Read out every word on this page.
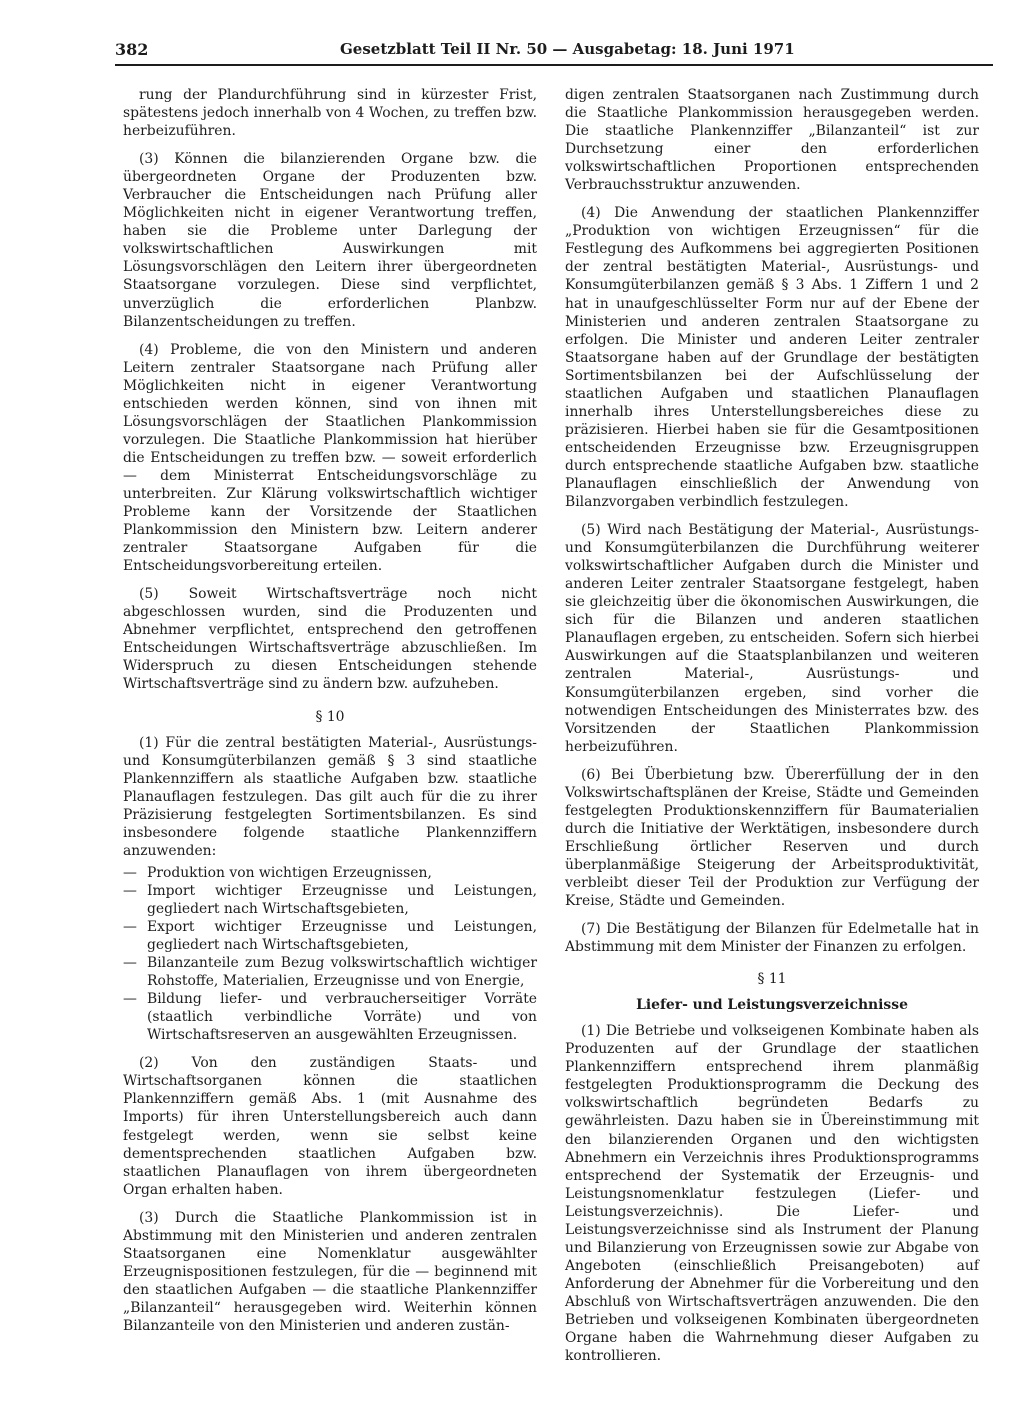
382	Gesetzblatt Teil II Nr. 50 — Ausgabetag: 18. Juni 1971

rung der Plandurchführung sind in kürzester Frist, spätestens jedoch innerhalb von 4 Wochen, zu treffen bzw. herbeizuführen.

(3) Können die bilanzierenden Organe bzw. die übergeordneten Organe der Produzenten bzw. Verbraucher die Entscheidungen nach Prüfung aller Möglichkeiten nicht in eigener Verantwortung treffen, haben sie die Probleme unter Darlegung der volkswirtschaftlichen Auswirkungen mit Lösungsvorschlägen den Leitern ihrer übergeordneten Staatsorgane vorzulegen. Diese sind verpflichtet, unverzüglich die erforderlichen Planbzw. Bilanzentscheidungen zu treffen.

(4) Probleme, die von den Ministern und anderen Leitern zentraler Staatsorgane nach Prüfung aller Möglichkeiten nicht in eigener Verantwortung entschieden werden können, sind von ihnen mit Lösungsvorschlägen der Staatlichen Plankommission vorzulegen. Die Staatliche Plankommission hat hierüber die Entscheidungen zu treffen bzw. — soweit erforderlich — dem Ministerrat Entscheidungsvorschläge zu unterbreiten. Zur Klärung volkswirtschaftlich wichtiger Probleme kann der Vorsitzende der Staatlichen Plankommission den Ministern bzw. Leitern anderer zentraler Staatsorgane Aufgaben für die Entscheidungsvorbereitung erteilen.

(5) Soweit Wirtschaftsverträge noch nicht abgeschlossen wurden, sind die Produzenten und Abnehmer verpflichtet, entsprechend den getroffenen Entscheidungen Wirtschaftsverträge abzuschließen. Im Widerspruch zu diesen Entscheidungen stehende Wirtschaftsverträge sind zu ändern bzw. aufzuheben.

§ 10

(1) Für die zentral bestätigten Material-, Ausrüstungs- und Konsumgüterbilanzen gemäß § 3 sind staatliche Plankennziffern als staatliche Aufgaben bzw. staatliche Planauflagen festzulegen. Das gilt auch für die zu ihrer Präzisierung festgelegten Sortimentsbilanzen. Es sind insbesondere folgende staatliche Plankennziffern anzuwenden:

— Produktion von wichtigen Erzeugnissen,
— Import wichtiger Erzeugnisse und Leistungen, gegliedert nach Wirtschaftsgebieten,
— Export wichtiger Erzeugnisse und Leistungen, gegliedert nach Wirtschaftsgebieten,
— Bilanzanteile zum Bezug volkswirtschaftlich wichtiger Rohstoffe, Materialien, Erzeugnisse und von Energie,
— Bildung liefer- und verbraucherseitiger Vorräte (staatlich verbindliche Vorräte) und von Wirtschaftsreserven an ausgewählten Erzeugnissen.

(2) Von den zuständigen Staats- und Wirtschaftsorganen können die staatlichen Plankennziffern gemäß Abs. 1 (mit Ausnahme des Imports) für ihren Unterstellungsbereich auch dann festgelegt werden, wenn sie selbst keine dementsprechenden staatlichen Aufgaben bzw. staatlichen Planauflagen von ihrem übergeordneten Organ erhalten haben.

(3) Durch die Staatliche Plankommission ist in Abstimmung mit den Ministerien und anderen zentralen Staatsorganen eine Nomenklatur ausgewählter Erzeugnispositionen festzulegen, für die — beginnend mit den staatlichen Aufgaben — die staatliche Plankennziffer „Bilanzanteil“ herausgegeben wird. Weiterhin können Bilanzanteile von den Ministerien und anderen zustän-

digen zentralen Staatsorganen nach Zustimmung durch die Staatliche Plankommission herausgegeben werden. Die staatliche Plankennziffer „Bilanzanteil“ ist zur Durchsetzung einer den erforderlichen volkswirtschaftlichen Proportionen entsprechenden Verbrauchsstruktur anzuwenden.

(4) Die Anwendung der staatlichen Plankennziffer „Produktion von wichtigen Erzeugnissen“ für die Festlegung des Aufkommens bei aggregierten Positionen der zentral bestätigten Material-, Ausrüstungs- und Konsumgüterbilanzen gemäß § 3 Abs. 1 Ziffern 1 und 2 hat in unaufgeschlüsselter Form nur auf der Ebene der Ministerien und anderen zentralen Staatsorgane zu erfolgen. Die Minister und anderen Leiter zentraler Staatsorgane haben auf der Grundlage der bestätigten Sortimentsbilanzen bei der Aufschlüsselung der staatlichen Aufgaben und staatlichen Planauflagen innerhalb ihres Unterstellungsbereiches diese zu präzisieren. Hierbei haben sie für die Gesamtpositionen entscheidenden Erzeugnisse bzw. Erzeugnisgruppen durch entsprechende staatliche Aufgaben bzw. staatliche Planauflagen einschließlich der Anwendung von Bilanzvorgaben verbindlich festzulegen.

(5) Wird nach Bestätigung der Material-, Ausrüstungs- und Konsumgüterbilanzen die Durchführung weiterer volkswirtschaftlicher Aufgaben durch die Minister und anderen Leiter zentraler Staatsorgane festgelegt, haben sie gleichzeitig über die ökonomischen Auswirkungen, die sich für die Bilanzen und anderen staatlichen Planauflagen ergeben, zu entscheiden. Sofern sich hierbei Auswirkungen auf die Staatsplanbilanzen und weiteren zentralen Material-, Ausrüstungs- und Konsumgüterbilanzen ergeben, sind vorher die notwendigen Entscheidungen des Ministerrates bzw. des Vorsitzenden der Staatlichen Plankommission herbeizuführen.

(6) Bei Überbietung bzw. Übererfüllung der in den Volkswirtschaftsplänen der Kreise, Städte und Gemeinden festgelegten Produktionskennziffern für Baumaterialien durch die Initiative der Werktätigen, insbesondere durch Erschließung örtlicher Reserven und durch überplanmäßige Steigerung der Arbeitsproduktivität, verbleibt dieser Teil der Produktion zur Verfügung der Kreise, Städte und Gemeinden.

(7) Die Bestätigung der Bilanzen für Edelmetalle hat in Abstimmung mit dem Minister der Finanzen zu erfolgen.

§ 11
Liefer- und Leistungsverzeichnisse

(1) Die Betriebe und volkseigenen Kombinate haben als Produzenten auf der Grundlage der staatlichen Plankennziffern entsprechend ihrem planmäßig festgelegten Produktionsprogramm die Deckung des volkswirtschaftlich begründeten Bedarfs zu gewährleisten. Dazu haben sie in Übereinstimmung mit den bilanzierenden Organen und den wichtigsten Abnehmern ein Verzeichnis ihres Produktionsprogramms entsprechend der Systematik der Erzeugnis- und Leistungsnomenklatur festzulegen (Liefer- und Leistungsverzeichnis). Die Liefer- und Leistungsverzeichnisse sind als Instrument der Planung und Bilanzierung von Erzeugnissen sowie zur Abgabe von Angeboten (einschließlich Preisangeboten) auf Anforderung der Abnehmer für die Vorbereitung und den Abschluß von Wirtschaftsverträgen anzuwenden. Die den Betrieben und volkseigenen Kombinaten übergeordneten Organe haben die Wahrnehmung dieser Aufgaben zu kontrollieren.
